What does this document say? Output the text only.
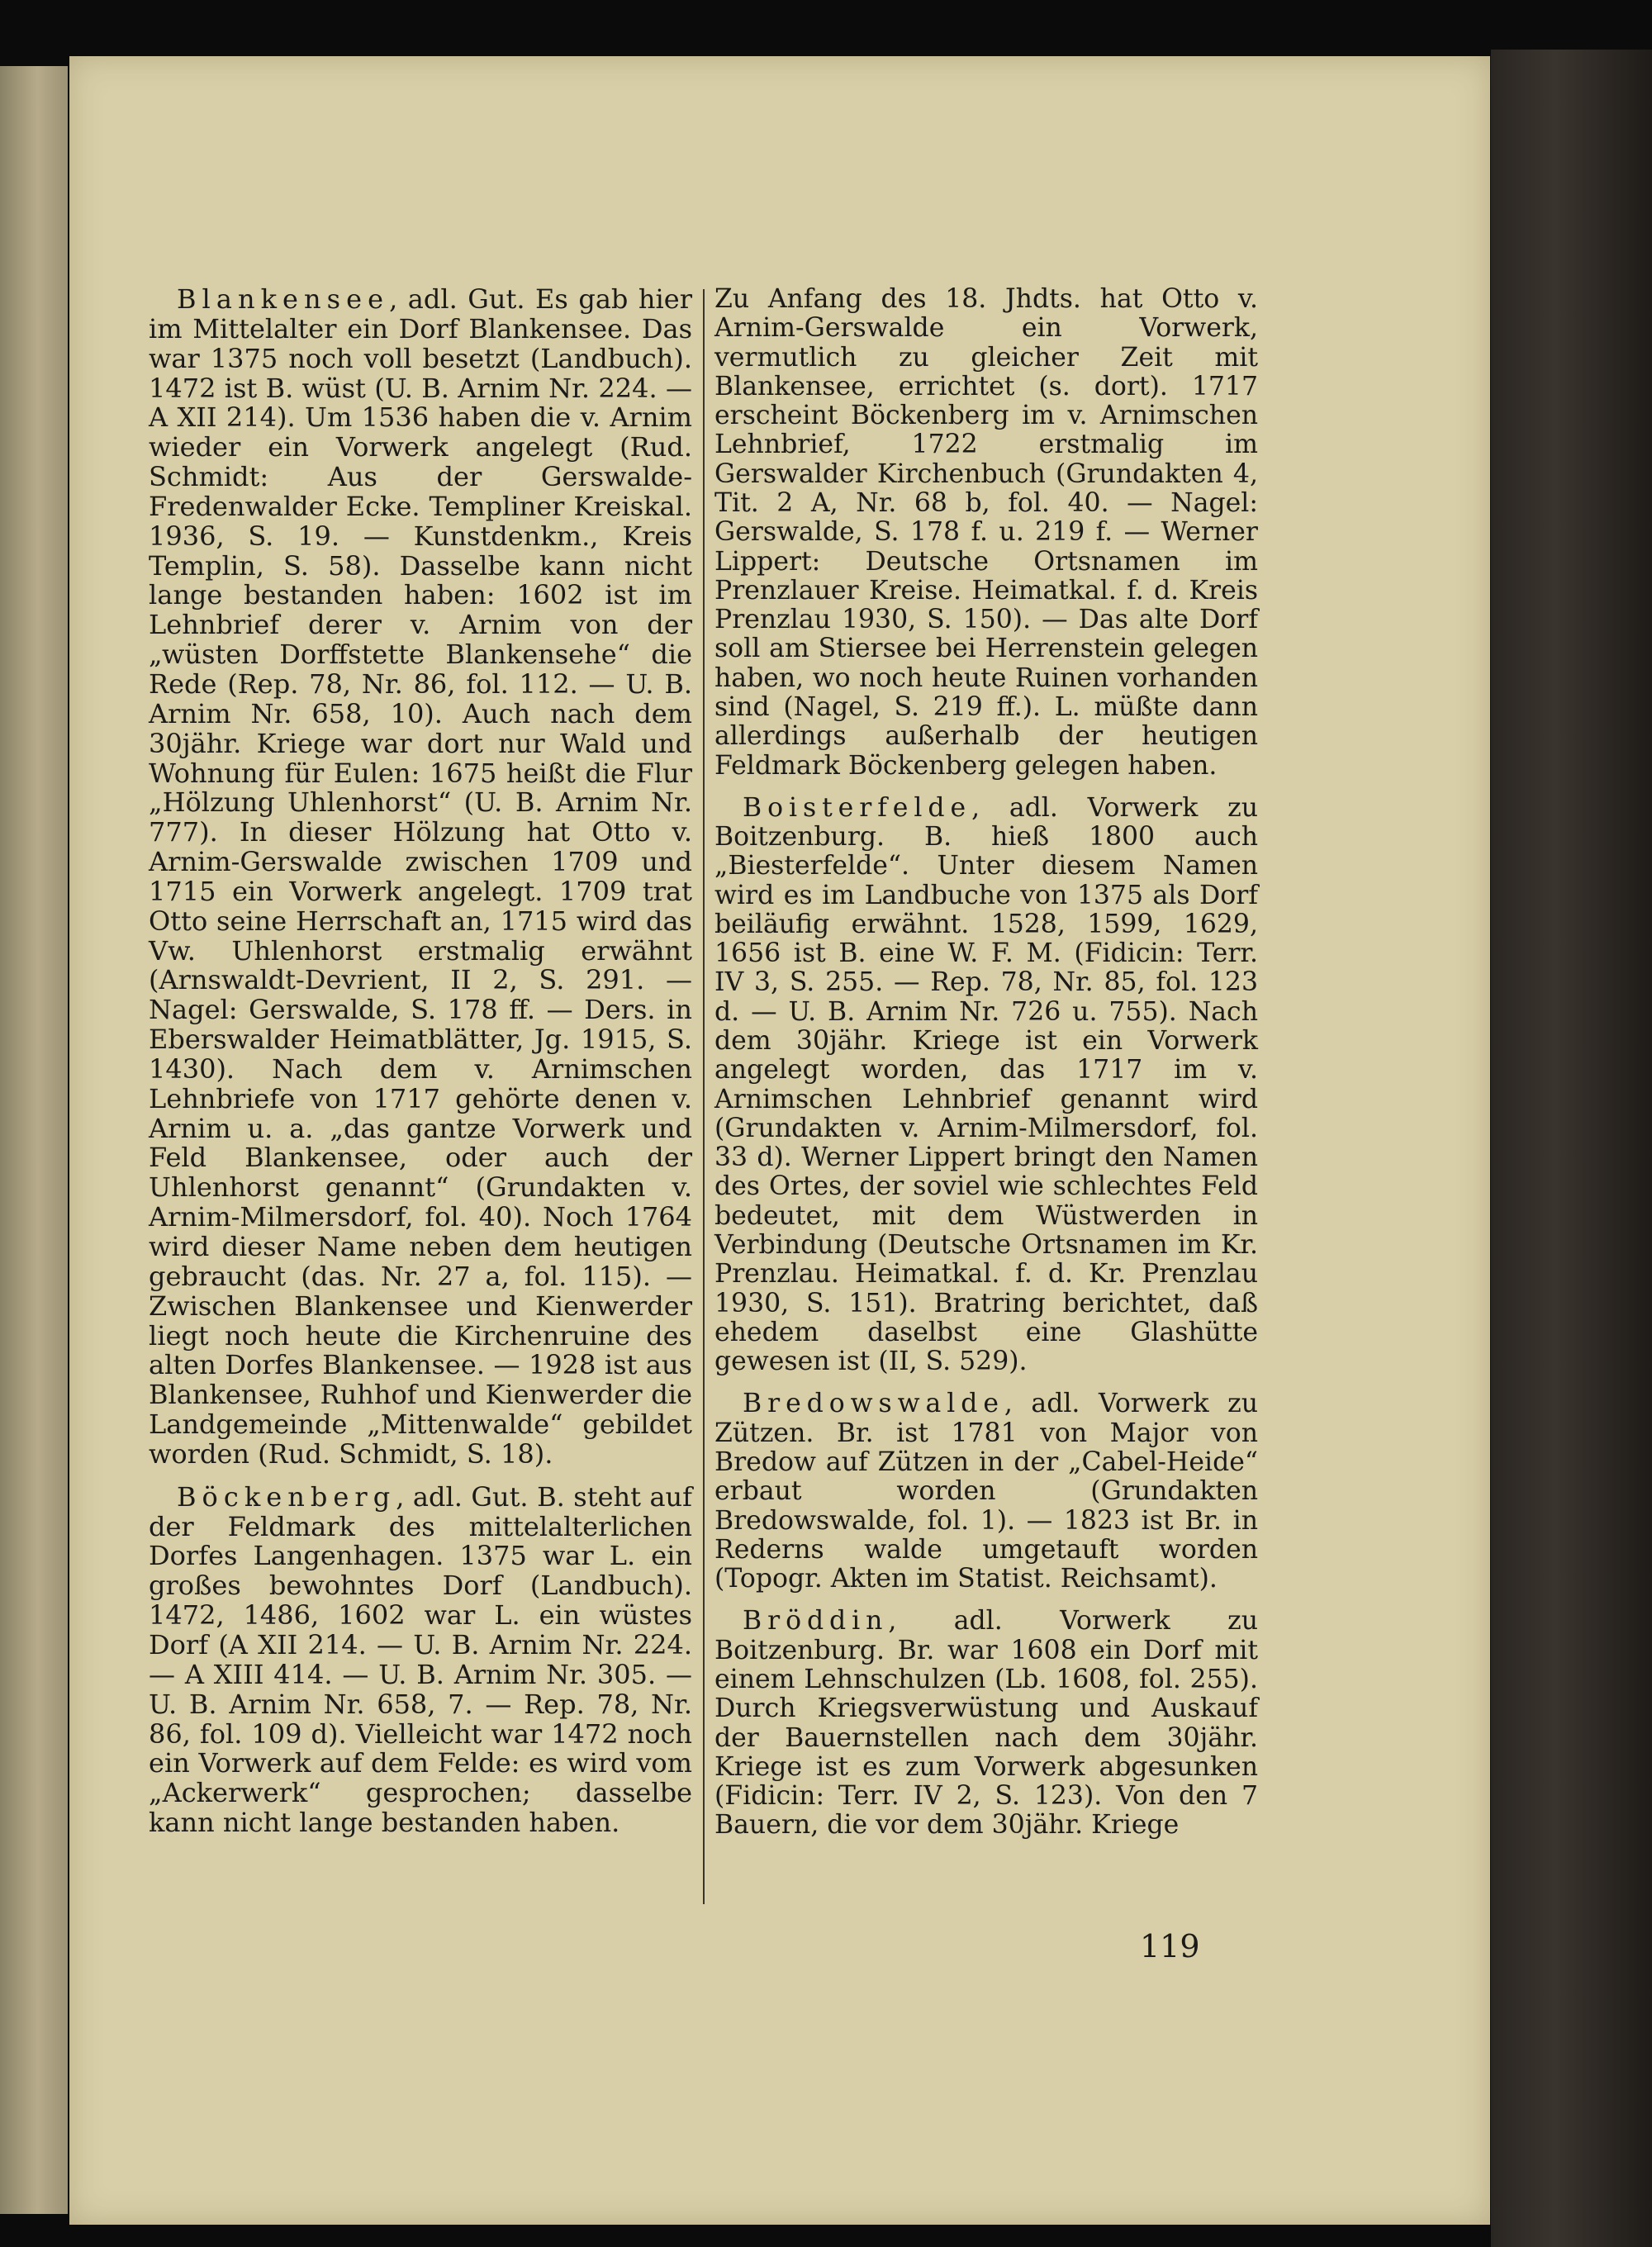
Blankensee, adl. Gut. Es gab hier im Mittelalter ein Dorf Blankensee. Das war 1375 noch voll besetzt (Landbuch). 1472 ist B. wüst (U. B. Arnim Nr. 224. — A XII 214). Um 1536 haben die v. Arnim wieder ein Vorwerk angelegt (Rud. Schmidt: Aus der Gerswalde-Fredenwalder Ecke. Templiner Kreiskal. 1936, S. 19. — Kunstdenkm., Kreis Templin, S. 58). Dasselbe kann nicht lange bestanden haben: 1602 ist im Lehnbrief derer v. Arnim von der „wüsten Dorffstette Blankensehe“ die Rede (Rep. 78, Nr. 86, fol. 112. — U. B. Arnim Nr. 658, 10). Auch nach dem 30jähr. Kriege war dort nur Wald und Wohnung für Eulen: 1675 heißt die Flur „Hölzung Uhlenhorst“ (U. B. Arnim Nr. 777). In dieser Hölzung hat Otto v. Arnim-Gerswalde zwischen 1709 und 1715 ein Vorwerk angelegt. 1709 trat Otto seine Herrschaft an, 1715 wird das Vw. Uhlenhorst erstmalig erwähnt (Arnswaldt-Devrient, II 2, S. 291. — Nagel: Gerswalde, S. 178 ff. — Ders. in Eberswalder Heimatblätter, Jg. 1915, S. 1430). Nach dem v. Arnimschen Lehnbriefe von 1717 gehörte denen v. Arnim u. a. „das gantze Vorwerk und Feld Blankensee, oder auch der Uhlenhorst genannt“ (Grundakten v. Arnim-Milmersdorf, fol. 40). Noch 1764 wird dieser Name neben dem heutigen gebraucht (das. Nr. 27 a, fol. 115). — Zwischen Blankensee und Kienwerder liegt noch heute die Kirchenruine des alten Dorfes Blankensee. — 1928 ist aus Blankensee, Ruhhof und Kienwerder die Landgemeinde „Mittenwalde“ gebildet worden (Rud. Schmidt, S. 18).

Böckenberg, adl. Gut. B. steht auf der Feldmark des mittelalterlichen Dorfes Langenhagen. 1375 war L. ein großes bewohntes Dorf (Landbuch). 1472, 1486, 1602 war L. ein wüstes Dorf (A XII 214. — U. B. Arnim Nr. 224. — A XIII 414. — U. B. Arnim Nr. 305. — U. B. Arnim Nr. 658, 7. — Rep. 78, Nr. 86, fol. 109 d). Vielleicht war 1472 noch ein Vorwerk auf dem Felde: es wird vom „Ackerwerk“ gesprochen; dasselbe kann nicht lange bestanden haben.

Zu Anfang des 18. Jhdts. hat Otto v. Arnim-Gerswalde ein Vorwerk, vermutlich zu gleicher Zeit mit Blankensee, errichtet (s. dort). 1717 erscheint Böckenberg im v. Arnimschen Lehnbrief, 1722 erstmalig im Gerswalder Kirchenbuch (Grundakten 4, Tit. 2 A, Nr. 68 b, fol. 40. — Nagel: Gerswalde, S. 178 f. u. 219 f. — Werner Lippert: Deutsche Ortsnamen im Prenzlauer Kreise. Heimatkal. f. d. Kreis Prenzlau 1930, S. 150). — Das alte Dorf soll am Stiersee bei Herrenstein gelegen haben, wo noch heute Ruinen vorhanden sind (Nagel, S. 219 ff.). L. müßte dann allerdings außerhalb der heutigen Feldmark Böckenberg gelegen haben.

Boisterfelde, adl. Vorwerk zu Boitzenburg. B. hieß 1800 auch „Biesterfelde“. Unter diesem Namen wird es im Landbuche von 1375 als Dorf beiläufig erwähnt. 1528, 1599, 1629, 1656 ist B. eine W. F. M. (Fidicin: Terr. IV 3, S. 255. — Rep. 78, Nr. 85, fol. 123 d. — U. B. Arnim Nr. 726 u. 755). Nach dem 30jähr. Kriege ist ein Vorwerk angelegt worden, das 1717 im v. Arnimschen Lehnbrief genannt wird (Grundakten v. Arnim-Milmersdorf, fol. 33 d). Werner Lippert bringt den Namen des Ortes, der soviel wie schlechtes Feld bedeutet, mit dem Wüstwerden in Verbindung (Deutsche Ortsnamen im Kr. Prenzlau. Heimatkal. f. d. Kr. Prenzlau 1930, S. 151). Bratring berichtet, daß ehedem daselbst eine Glashütte gewesen ist (II, S. 529).

Bredowswalde, adl. Vorwerk zu Zützen. Br. ist 1781 von Major von Bredow auf Zützen in der „Cabel-Heide“ erbaut worden (Grundakten Bredowswalde, fol. 1). — 1823 ist Br. in Rederns walde umgetauft worden (Topogr. Akten im Statist. Reichsamt).

Bröddin, adl. Vorwerk zu Boitzenburg. Br. war 1608 ein Dorf mit einem Lehnschulzen (Lb. 1608, fol. 255). Durch Kriegsverwüstung und Auskauf der Bauernstellen nach dem 30jähr. Kriege ist es zum Vorwerk abgesunken (Fidicin: Terr. IV 2, S. 123). Von den 7 Bauern, die vor dem 30jähr. Kriege

119
